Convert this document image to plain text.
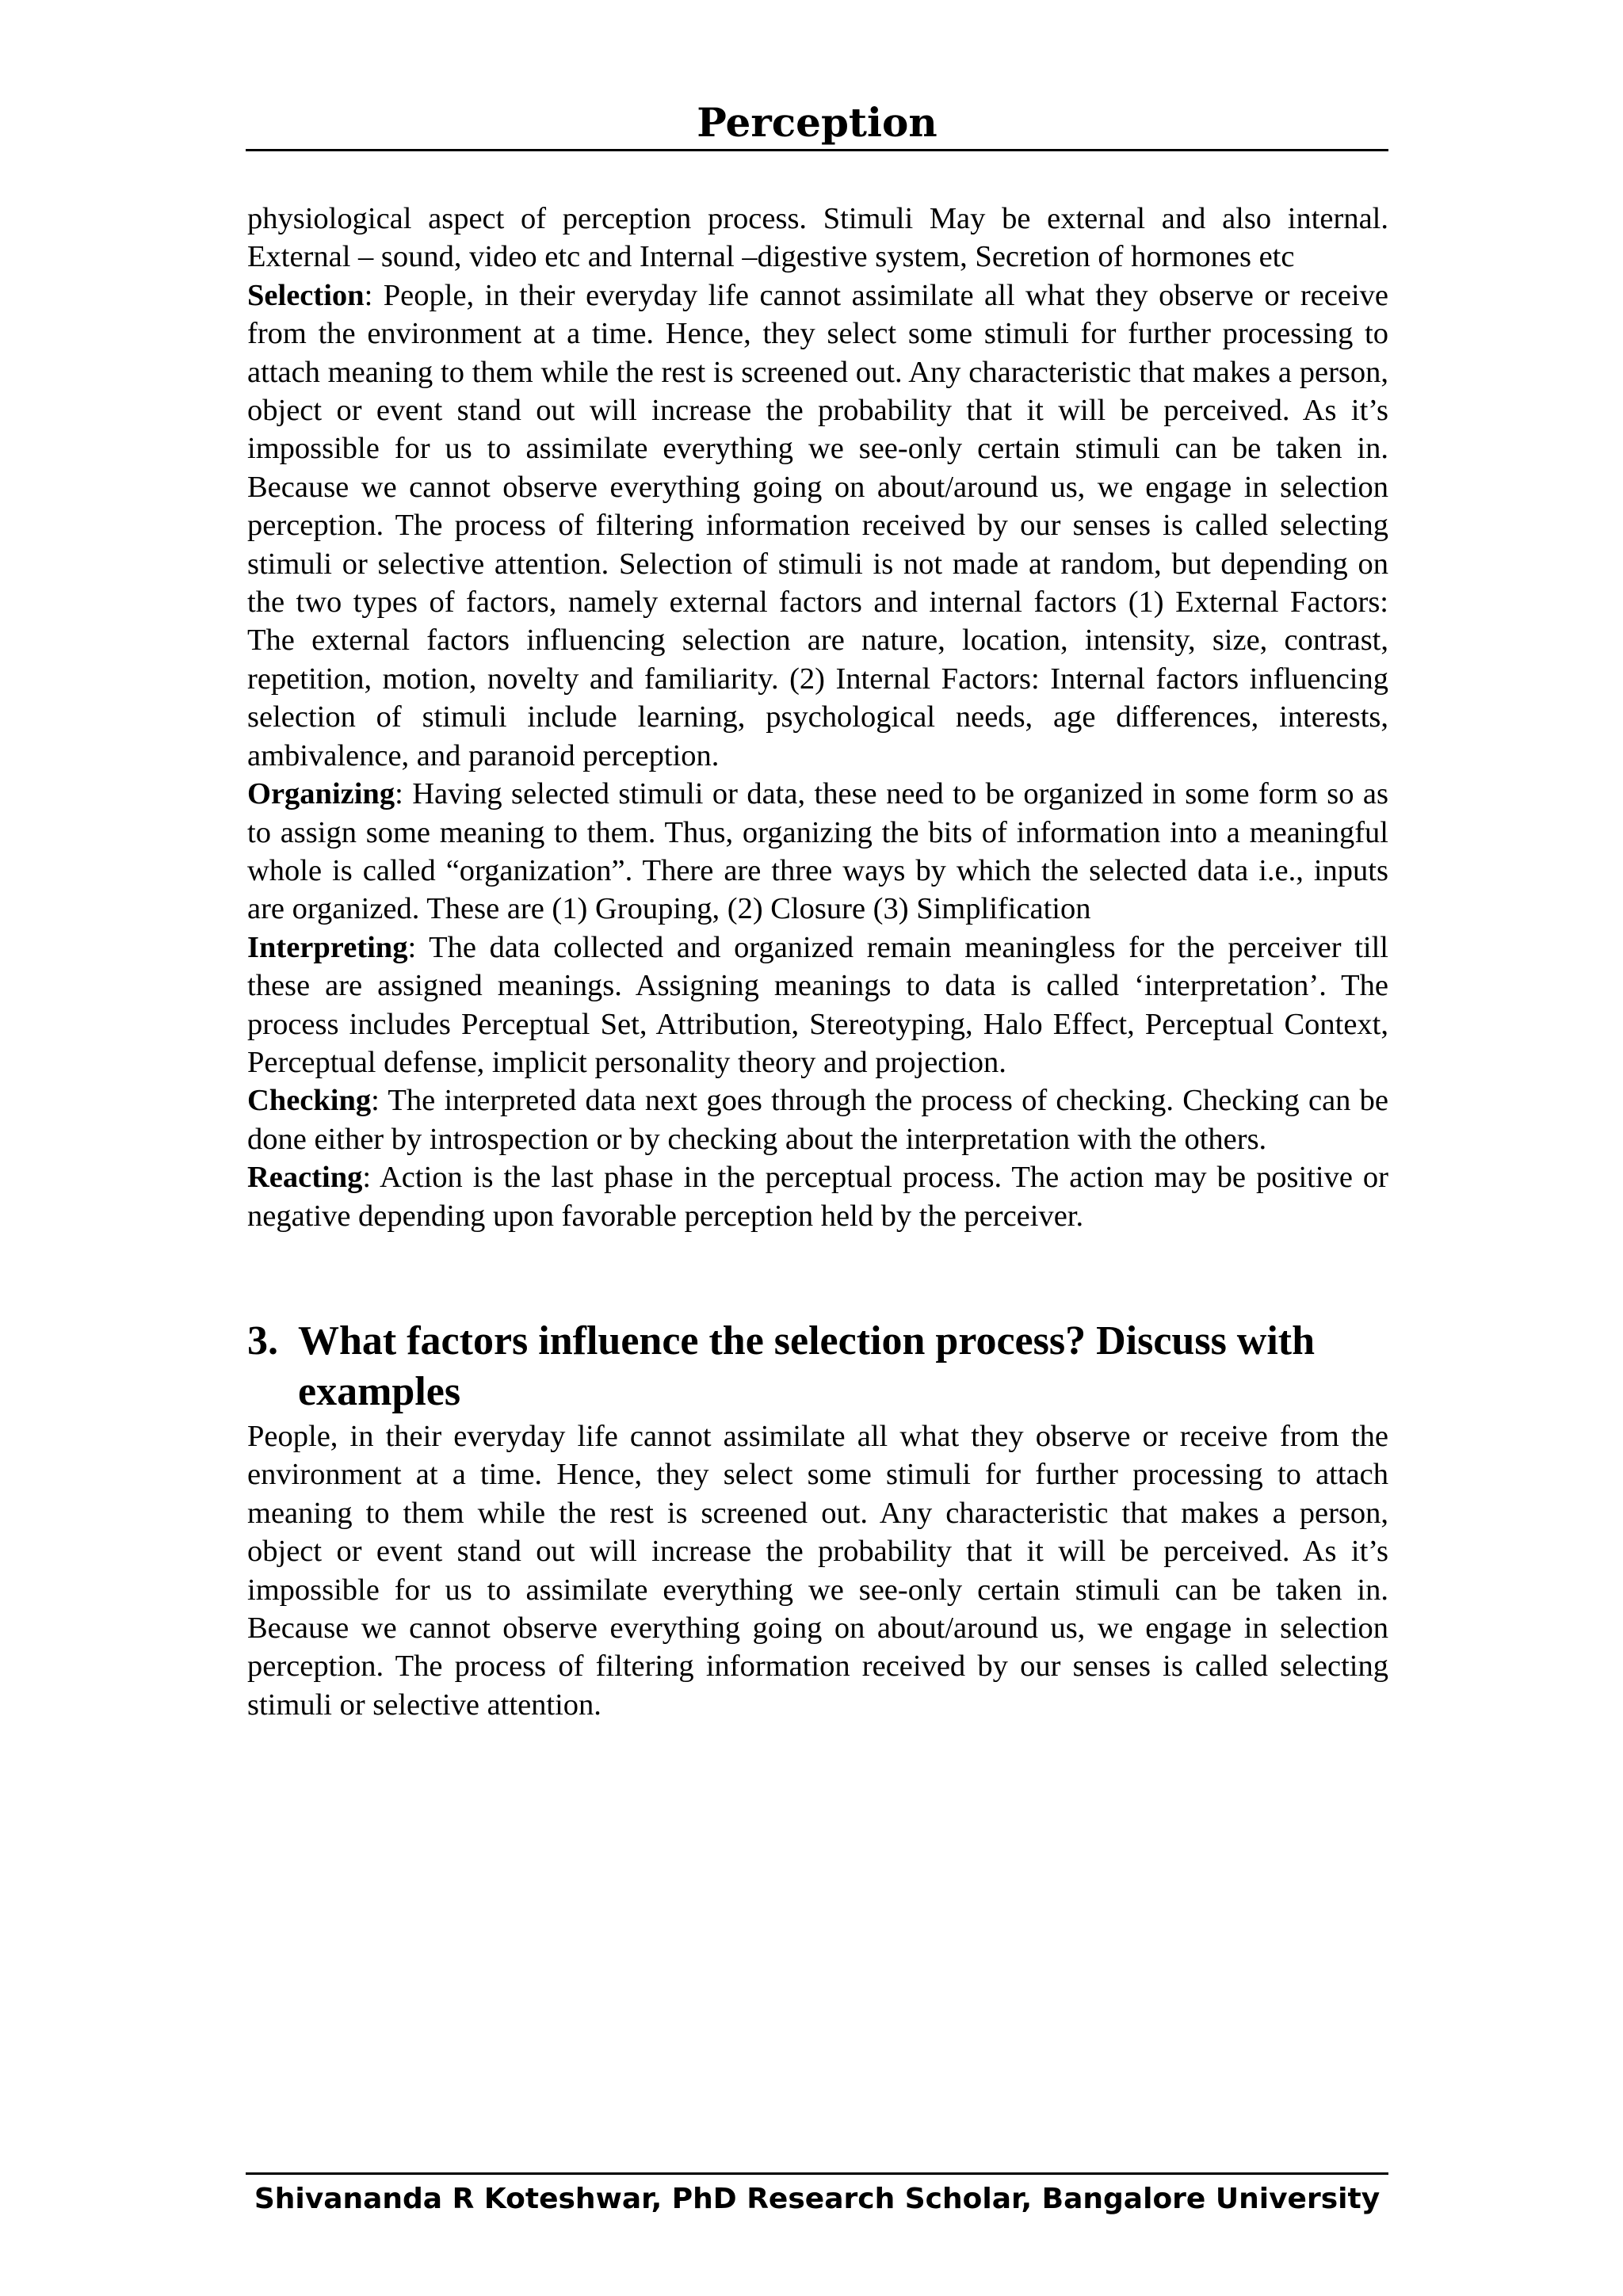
Perception

physiological aspect of perception process. Stimuli May be external and also internal. External – sound, video etc and Internal –digestive system, Secretion of hormones etc

Selection: People, in their everyday life cannot assimilate all what they observe or receive from the environment at a time. Hence, they select some stimuli for further processing to attach meaning to them while the rest is screened out. Any characteristic that makes a person, object or event stand out will increase the probability that it will be perceived. As it’s impossible for us to assimilate everything we see-only certain stimuli can be taken in. Because we cannot observe everything going on about/around us, we engage in selection perception. The process of filtering information received by our senses is called selecting stimuli or selective attention. Selection of stimuli is not made at random, but depending on the two types of factors, namely external factors and internal factors (1) External Factors: The external factors influencing selection are nature, location, intensity, size, contrast, repetition, motion, novelty and familiarity. (2) Internal Factors: Internal factors influencing selection of stimuli include learning, psychological needs, age differences, interests, ambivalence, and paranoid perception.

Organizing: Having selected stimuli or data, these need to be organized in some form so as to assign some meaning to them. Thus, organizing the bits of information into a meaningful whole is called “organization”. There are three ways by which the selected data i.e., inputs are organized. These are (1) Grouping, (2) Closure (3) Simplification

Interpreting: The data collected and organized remain meaningless for the perceiver till these are assigned meanings. Assigning meanings to data is called ‘interpretation’. The process includes Perceptual Set, Attribution, Stereotyping, Halo Effect, Perceptual Context, Perceptual defense, implicit personality theory and projection.

Checking: The interpreted data next goes through the process of checking. Checking can be done either by introspection or by checking about the interpretation with the others.

Reacting: Action is the last phase in the perceptual process. The action may be positive or negative depending upon favorable perception held by the perceiver.

3. What factors influence the selection process? Discuss with examples

People, in their everyday life cannot assimilate all what they observe or receive from the environment at a time. Hence, they select some stimuli for further processing to attach meaning to them while the rest is screened out. Any characteristic that makes a person, object or event stand out will increase the probability that it will be perceived. As it’s impossible for us to assimilate everything we see-only certain stimuli can be taken in. Because we cannot observe everything going on about/around us, we engage in selection perception. The process of filtering information received by our senses is called selecting stimuli or selective attention.

Shivananda R Koteshwar, PhD Research Scholar, Bangalore University
